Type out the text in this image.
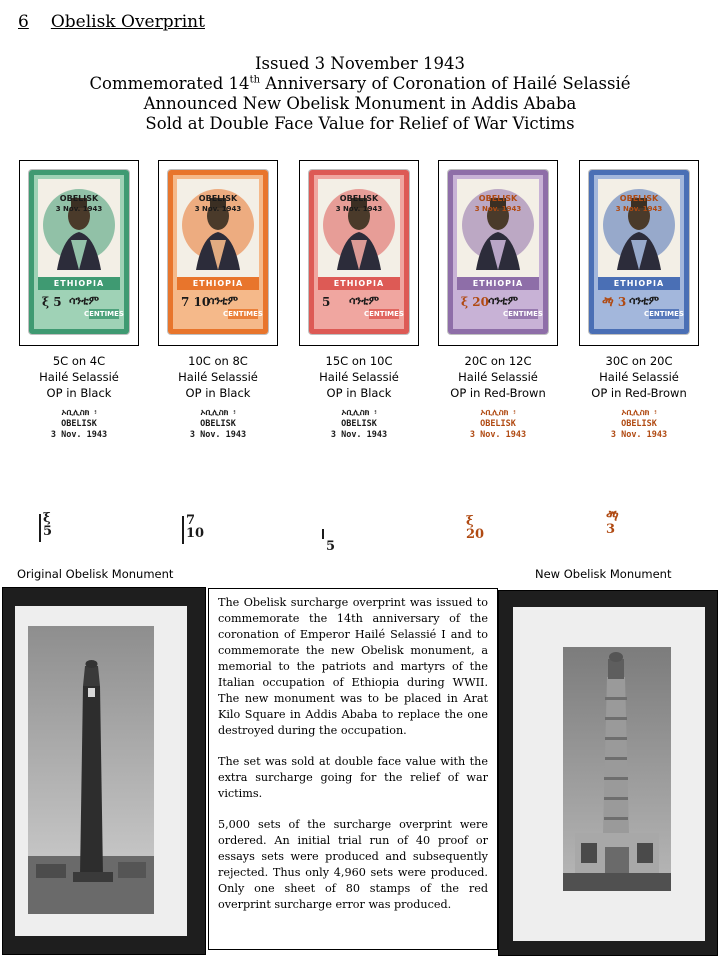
6 Obelisk Overprint
Issued 3 November 1943
Commemorated 14th Anniversary of Coronation of Hailé Selassié
Announced New Obelisk Monument in Addis Ababa
Sold at Double Face Value for Relief of War Victims
OBELISK
3 Nov. 1943
ETHIOPIA
ሳንቲም
CENTIMES
ξ 5
5C on 4C
Hailé Selassié
OP in Black
ኦቢሊስክ ፡
OBELISK
3 Nov. 1943
ξ
5
OBELISK
3 Nov. 1943
ETHIOPIA
ሳንቲም
CENTIMES
7 10
10C on 8C
Hailé Selassié
OP in Black
ኦቢሊስክ ፡
OBELISK
3 Nov. 1943
7
10
OBELISK
3 Nov. 1943
ETHIOPIA
ሳንቲም
CENTIMES
5
15C on 10C
Hailé Selassié
OP in Black
ኦቢሊስክ ፡
OBELISK
3 Nov. 1943

5
OBELISK
3 Nov. 1943
ETHIOPIA
ሳንቲም
CENTIMES
ξ 20
20C on 12C
Hailé Selassié
OP in Red-Brown
ኦቢሊስክ ፡
OBELISK
3 Nov. 1943
ξ
20
OBELISK
3 Nov. 1943
ETHIOPIA
ሳንቲም
CENTIMES
ፙ 3
30C on 20C
Hailé Selassié
OP in Red-Brown
ኦቢሊስክ ፡
OBELISK
3 Nov. 1943
ፙ
3
Original Obelisk Monument	New Obelisk Monument

The Obelisk surcharge overprint was issued to commemorate the 14th anniversary of the coronation of Emperor Hailé Selassié I and to commemorate the new Obelisk monument, a memorial to the patriots and martyrs of the Italian occupation of Ethiopia during WWII. The new monument was to be placed in Arat Kilo Square in Addis Ababa to replace the one destroyed during the occupation.

The set was sold at double face value with the extra surcharge going for the relief of war victims.

5,000 sets of the surcharge overprint were ordered. An initial trial run of 40 proof or essays sets were produced and subsequently rejected. Thus only 4,960 sets were produced. Only one sheet of 80 stamps of the red overprint surcharge error was produced.
